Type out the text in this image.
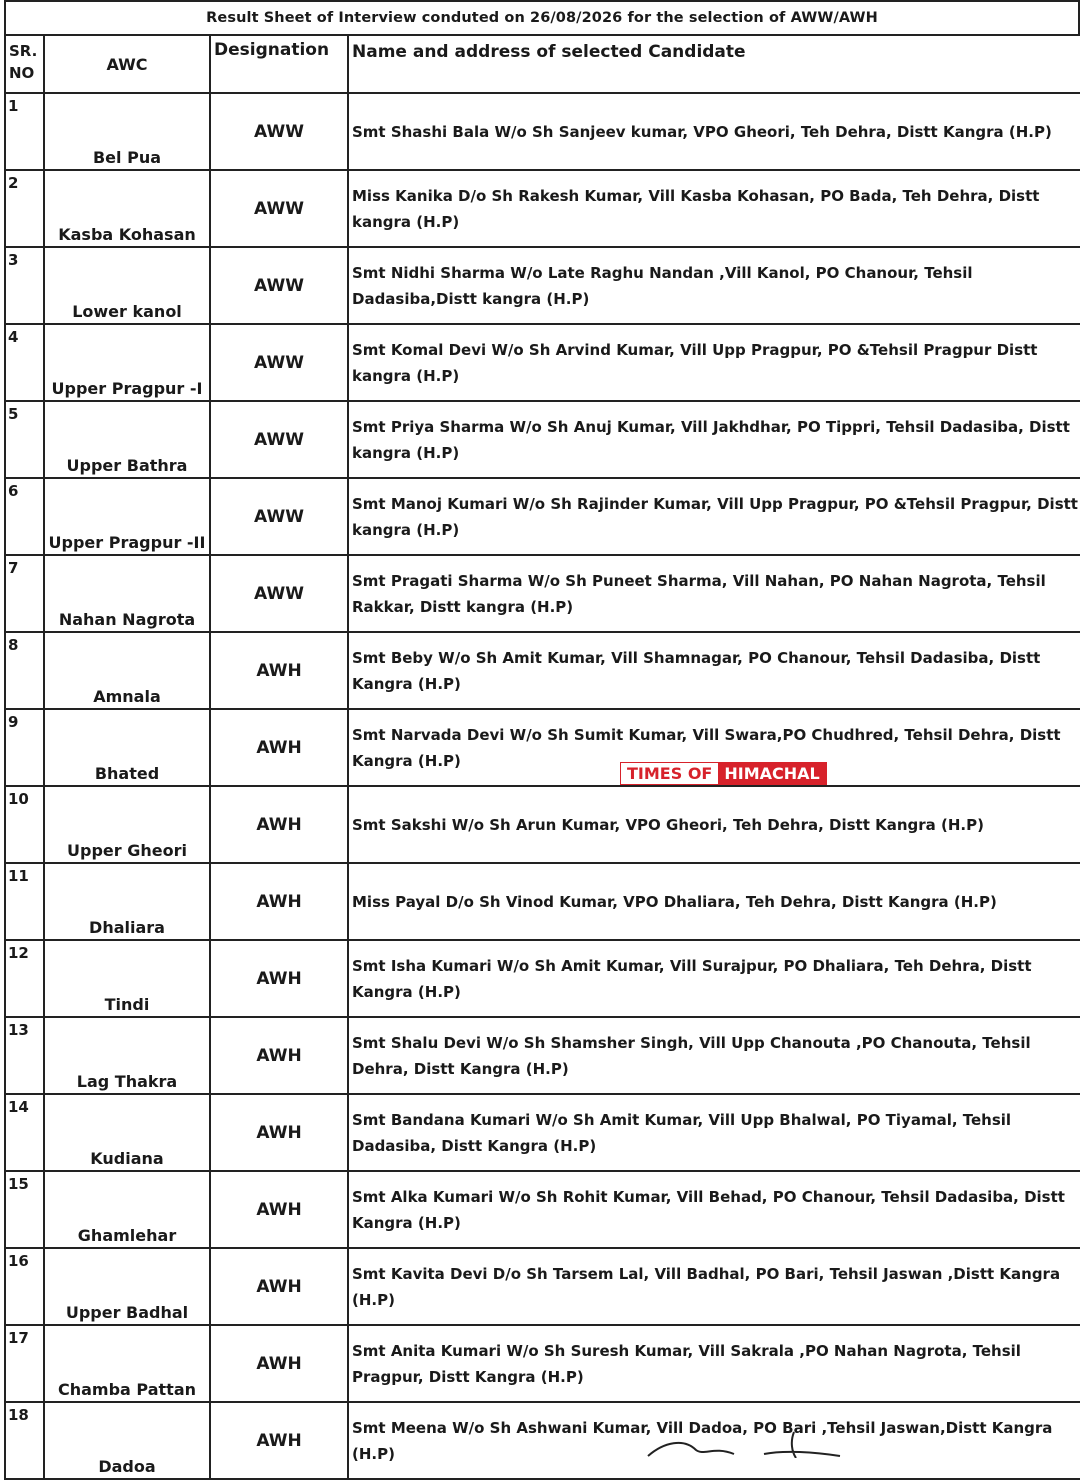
Result Sheet of Interview conduted on 26/08/2026 for the selection of AWW/AWH
SR. NO	AWC	Designation	Name and address of selected Candidate
1	Bel Pua	AWW	Smt Shashi Bala W/o Sh Sanjeev kumar, VPO Gheori, Teh Dehra, Distt Kangra (H.P)
2	Kasba Kohasan	AWW	Miss Kanika D/o Sh Rakesh Kumar, Vill Kasba Kohasan, PO Bada, Teh Dehra, Distt kangra (H.P)
3	Lower kanol	AWW	Smt Nidhi Sharma W/o Late Raghu Nandan ,Vill Kanol, PO Chanour, Tehsil Dadasiba,Distt kangra (H.P)
4	Upper Pragpur -I	AWW	Smt Komal Devi W/o Sh Arvind Kumar, Vill Upp Pragpur, PO &Tehsil Pragpur Distt kangra (H.P)
5	Upper Bathra	AWW	Smt Priya Sharma W/o Sh Anuj Kumar, Vill Jakhdhar, PO Tippri, Tehsil Dadasiba, Distt kangra (H.P)
6	Upper Pragpur -II	AWW	Smt Manoj Kumari W/o Sh Rajinder Kumar, Vill Upp Pragpur, PO &Tehsil Pragpur, Distt kangra (H.P)
7	Nahan Nagrota	AWW	Smt Pragati Sharma W/o Sh Puneet Sharma, Vill Nahan, PO Nahan Nagrota, Tehsil Rakkar, Distt kangra (H.P)
8	Amnala	AWH	Smt Beby W/o Sh Amit Kumar, Vill Shamnagar, PO Chanour, Tehsil Dadasiba, Distt Kangra (H.P)
9	Bhated	AWH	Smt Narvada Devi W/o Sh Sumit Kumar, Vill Swara,PO Chudhred, Tehsil Dehra, Distt Kangra (H.P)
10	Upper Gheori	AWH	Smt Sakshi W/o Sh Arun Kumar, VPO Gheori, Teh Dehra, Distt Kangra (H.P)
11	Dhaliara	AWH	Miss Payal D/o Sh Vinod Kumar, VPO Dhaliara, Teh Dehra, Distt Kangra (H.P)
12	Tindi	AWH	Smt Isha Kumari W/o Sh Amit Kumar, Vill Surajpur, PO Dhaliara, Teh Dehra, Distt Kangra (H.P)
13	Lag Thakra	AWH	Smt Shalu Devi W/o Sh Shamsher Singh, Vill Upp Chanouta ,PO Chanouta, Tehsil Dehra, Distt Kangra (H.P)
14	Kudiana	AWH	Smt Bandana Kumari W/o Sh Amit Kumar, Vill Upp Bhalwal, PO Tiyamal, Tehsil Dadasiba, Distt Kangra (H.P)
15	Ghamlehar	AWH	Smt Alka Kumari W/o Sh Rohit Kumar, Vill Behad, PO Chanour, Tehsil Dadasiba, Distt Kangra (H.P)
16	Upper Badhal	AWH	Smt Kavita Devi D/o Sh Tarsem Lal, Vill Badhal, PO Bari, Tehsil Jaswan ,Distt Kangra (H.P)
17	Chamba Pattan	AWH	Smt Anita Kumari W/o Sh Suresh Kumar, Vill Sakrala ,PO Nahan Nagrota, Tehsil Pragpur, Distt Kangra (H.P)
18	Dadoa	AWH	Smt Meena W/o Sh Ashwani Kumar, Vill Dadoa, PO Bari ,Tehsil Jaswan,Distt Kangra (H.P)
TIMES OF HIMACHAL
